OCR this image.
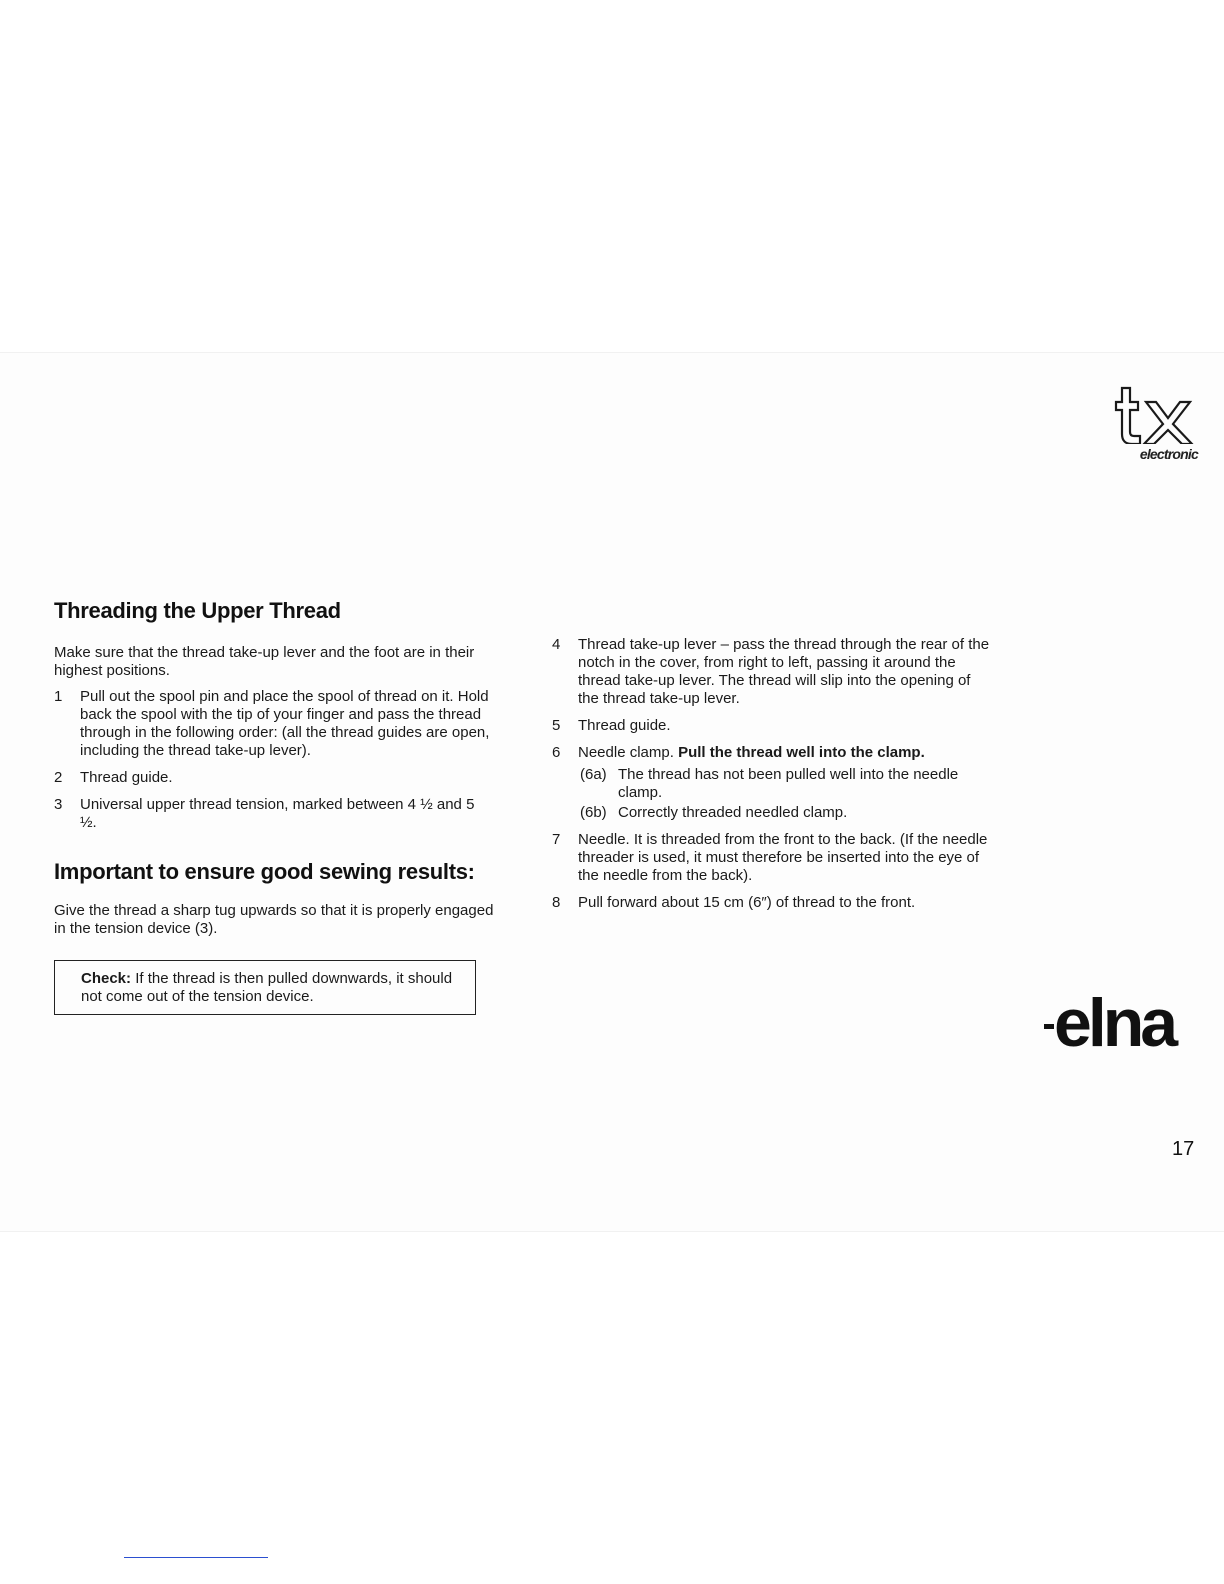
electronic
Threading the Upper Thread

Make sure that the thread take-up lever and the foot are in their highest positions.

1	Pull out the spool pin and place the spool of thread on it. Hold back the spool with the tip of your finger and pass the thread through in the following order: (all the thread guides are open, including the thread take-up lever).
2	Thread guide.
3	Universal upper thread tension, marked between 4 ½ and 5 ½.
Important to ensure good sewing results:

Give the thread a sharp tug upwards so that it is properly engaged in the tension device (3).

Check: If the thread is then pulled downwards, it should not come out of the tension device.
4	Thread take-up lever – pass the thread through the rear of the notch in the cover, from right to left, passing it around the thread take-up lever. The thread will slip into the opening of the thread take-up lever.
5	Thread guide.
6	Needle clamp. Pull the thread well into the clamp.
(6a) The thread has not been pulled well into the needle clamp.
(6b) Correctly threaded needled clamp.
7	Needle. It is threaded from the front to the back. (If the needle threader is used, it must therefore be inserted into the eye of the needle from the back).
8	Pull forward about 15 cm (6″) of thread to the front.
elna
17
